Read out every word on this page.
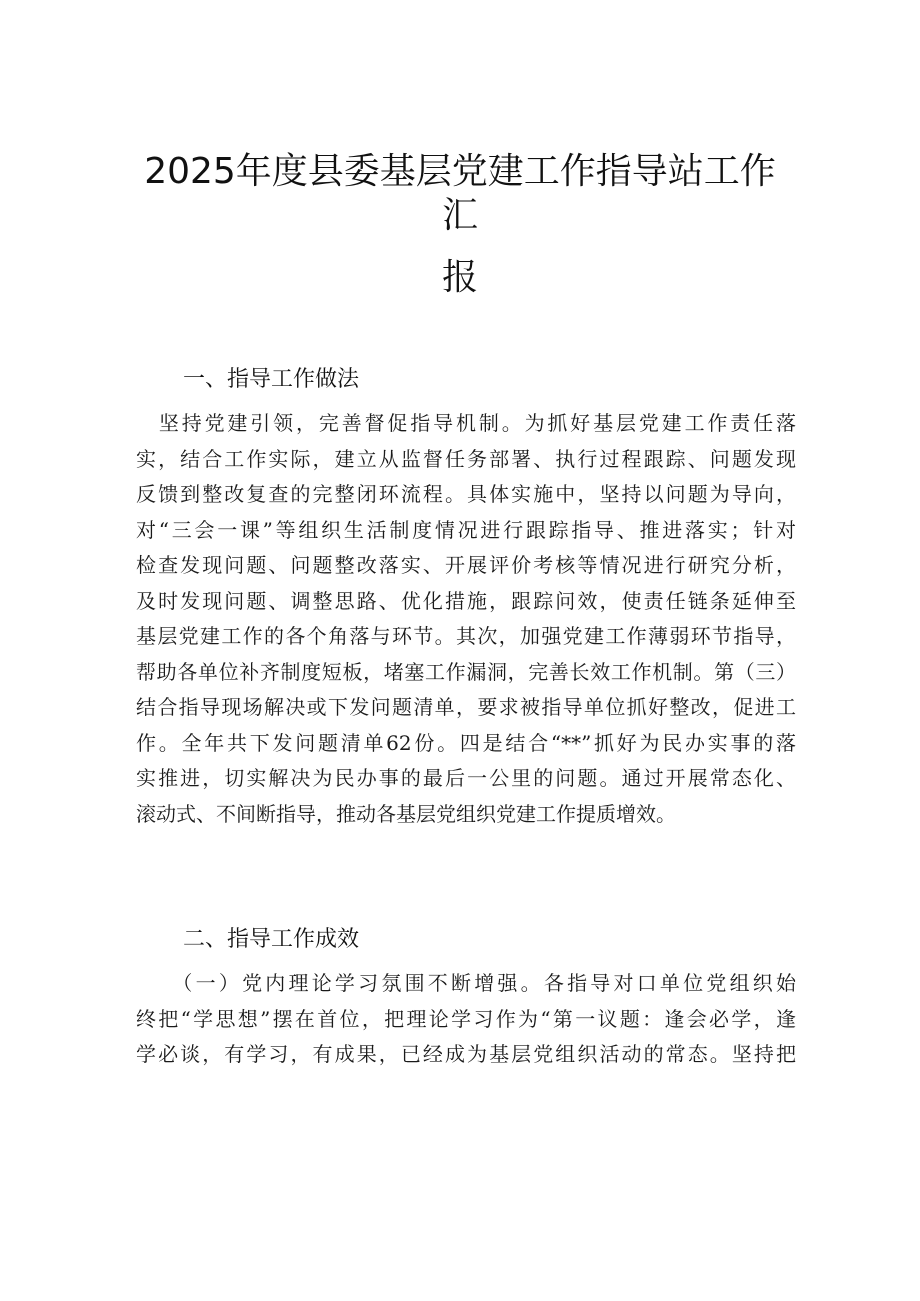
2025年度县委基层党建工作指导站工作汇
报
一、指导工作做法
　坚持党建引领，完善督促指导机制。为抓好基层党建工作责任落
实，结合工作实际，建立从监督任务部署、执行过程跟踪、问题发现
反馈到整改复查的完整闭环流程。具体实施中，坚持以问题为导向，
对“三会一课”等组织生活制度情况进行跟踪指导、推进落实；针对
检查发现问题、问题整改落实、开展评价考核等情况进行研究分析，
及时发现问题、调整思路、优化措施，跟踪问效，使责任链条延伸至
基层党建工作的各个角落与环节。其次，加强党建工作薄弱环节指导，
帮助各单位补齐制度短板，堵塞工作漏洞，完善长效工作机制。第（三）
结合指导现场解决或下发问题清单，要求被指导单位抓好整改，促进工
作。全年共下发问题清单62份。四是结合“**”抓好为民办实事的落
实推进，切实解决为民办事的最后一公里的问题。通过开展常态化、
滚动式、不间断指导，推动各基层党组织党建工作提质增效。
二、指导工作成效
　　（一）党内理论学习氛围不断增强。各指导对口单位党组织始
终把“学思想”摆在首位，把理论学习作为“第一议题：逢会必学，逢
学必谈，有学习，有成果，已经成为基层党组织活动的常态。坚持把
